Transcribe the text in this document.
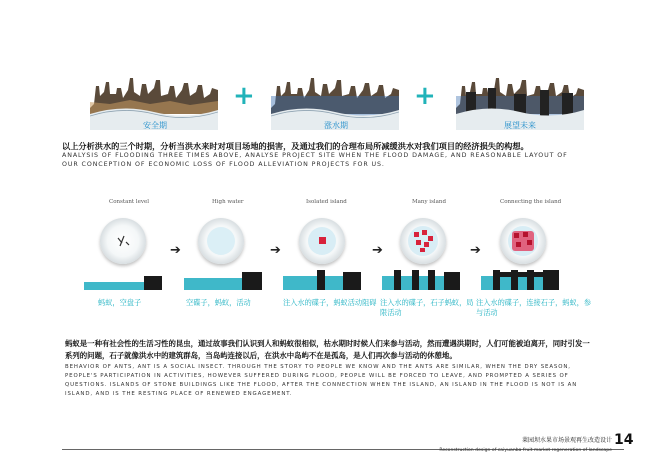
+	+
安全期	涨水期	展望未来
以上分析洪水的三个时期，分析当洪水来时对项目场地的损害，及通过我们的合理布局所减缓洪水对我们项目的经济损失的构想。
ANALYSIS OF FLOODING THREE TIMES ABOVE, ANALYSE PROJECT SITE WHEN THE FLOOD DAMAGE, AND REASONABLE LAYOUT OF OUR CONCEPTION OF ECONOMIC LOSS OF FLOOD ALLEVIATION PROJECTS FOR US.
Constant level	High water	Isolated island	Many island	Connecting the island
➔	➔	➔	➔
蚂蚁，空盘子	空碟子，蚂蚁，活动	注入水的碟子，蚂蚁活动阻碍 注入水的碟子，石子蚂蚁，局限活动
注入水的碟子，连接石子，蚂蚁，参与活动
蚂蚁是一种有社会性的生活习性的昆虫，通过故事我们认识到人和蚂蚁很相似，枯水期时时候人们来参与活动，然而遭遇洪期时，人们可能被迫离开，同时引发一系列的问题，石子就像洪水中的建筑群岛，当岛屿连接以后，在洪水中岛屿不在是孤岛，是人们再次参与活动的休憩地。
BEHAVIOR OF ANTS, ANT IS A SOCIAL INSECT. THROUGH THE STORY TO PEOPLE WE KNOW AND THE ANTS ARE SIMILAR, WHEN THE DRY SEASON, PEOPLE'S PARTICIPATION IN ACTIVITIES, HOWEVER SUFFERED DURING FLOOD, PEOPLE WILL BE FORCED TO LEAVE, AND PROMPTED A SERIES OF QUESTIONS. ISLANDS OF STONE BUILDINGS LIKE THE FLOOD, AFTER THE CONNECTION WHEN THE ISLAND, AN ISLAND IN THE FLOOD IS NOT IS AN ISLAND, AND IS THE RESTING PLACE OF RENEWED ENGAGEMENT.
莱园坝水果市场景观再生改造设计
Reconstruction design of caiyuanba fruit market regeneration of landscape
14
